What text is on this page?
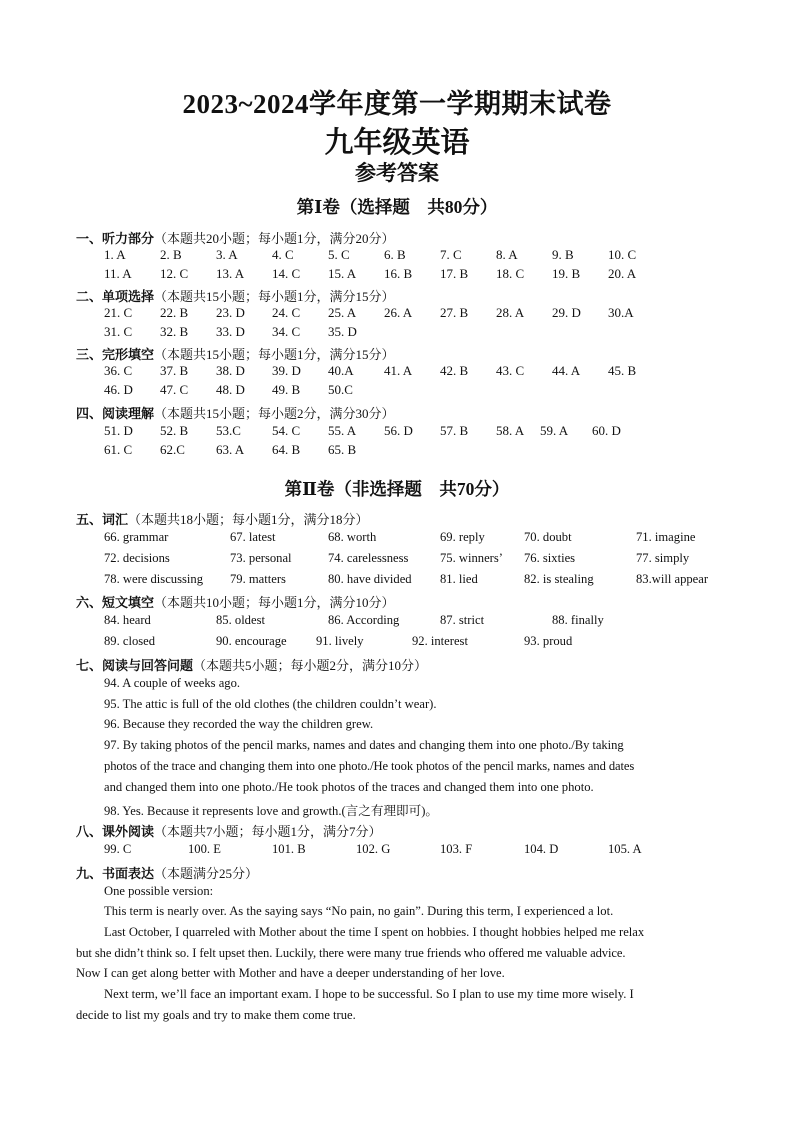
2023~2024学年度第一学期期末试卷
九年级英语
参考答案
第Ⅰ卷（选择题　共80分）
一、听力部分（本题共20小题；每小题1分，满分20分）
1. A	2. B	3. A	4. C	5. C	6. B	7. C	8. A	9. B	10. C
11. A 12. C 13. A 14. C 15. A 16. B 17. B 18. C 19. B 20. A
二、单项选择（本题共15小题；每小题1分，满分15分）
21. C 22. B 23. D 24. C 25. A 26. A 27. B 28. A 29. D 30.A
31. C 32. B 33. D 34. C 35. D
三、完形填空（本题共15小题；每小题1分，满分15分）
36. C 37. B 38. D 39. D 40.A 41. A 42. B 43. C 44. A 45. B
46. D 47. C 48. D 49. B 50.C
四、阅读理解（本题共15小题；每小题2分，满分30分）
51. D 52. B 53.C 54. C 55. A 56. D 57. B 58. A 59. A 60. D
61. C 62.C 63. A 64. B 65. B
第Ⅱ卷（非选择题　共70分）
五、词汇（本题共18小题；每小题1分，满分18分）
66. grammar	67. latest	68. worth	69. reply	70. doubt	71. imagine
72. decisions	73. personal	74. carelessness	75. winners’ 76. sixties	77. simply
78. were discussing 79. matters	80. have divided 81. lied	82. is stealing	83.will appear
六、短文填空（本题共10小题；每小题1分，满分10分）
84. heard	85. oldest	86. According	87. strict	88. finally
89. closed	90. encourage 91. lively	92. interest	93. proud
七、阅读与回答问题（本题共5小题；每小题2分，满分10分）
94. A couple of weeks ago.
95. The attic is full of the old clothes (the children couldn’t wear).
96. Because they recorded the way the children grew.
97. By taking photos of the pencil marks, names and dates and changing them into one photo./By taking
photos of the trace and changing them into one photo./He took photos of the pencil marks, names and dates
and changed them into one photo./He took photos of the traces and changed them into one photo.
98. Yes. Because it represents love and growth.(言之有理即可)。
八、课外阅读（本题共7小题；每小题1分，满分7分）
99. C	100. E	101. B	102. G	103. F	104. D	105. A
九、书面表达（本题满分25分）
One possible version:
This term is nearly over. As the saying says “No pain, no gain”. During this term, I experienced a lot.
Last October, I quarreled with Mother about the time I spent on hobbies. I thought hobbies helped me relax
but she didn’t think so. I felt upset then. Luckily, there were many true friends who offered me valuable advice.
Now I can get along better with Mother and have a deeper understanding of her love.
Next term, we’ll face an important exam. I hope to be successful. So I plan to use my time more wisely. I
decide to list my goals and try to make them come true.
